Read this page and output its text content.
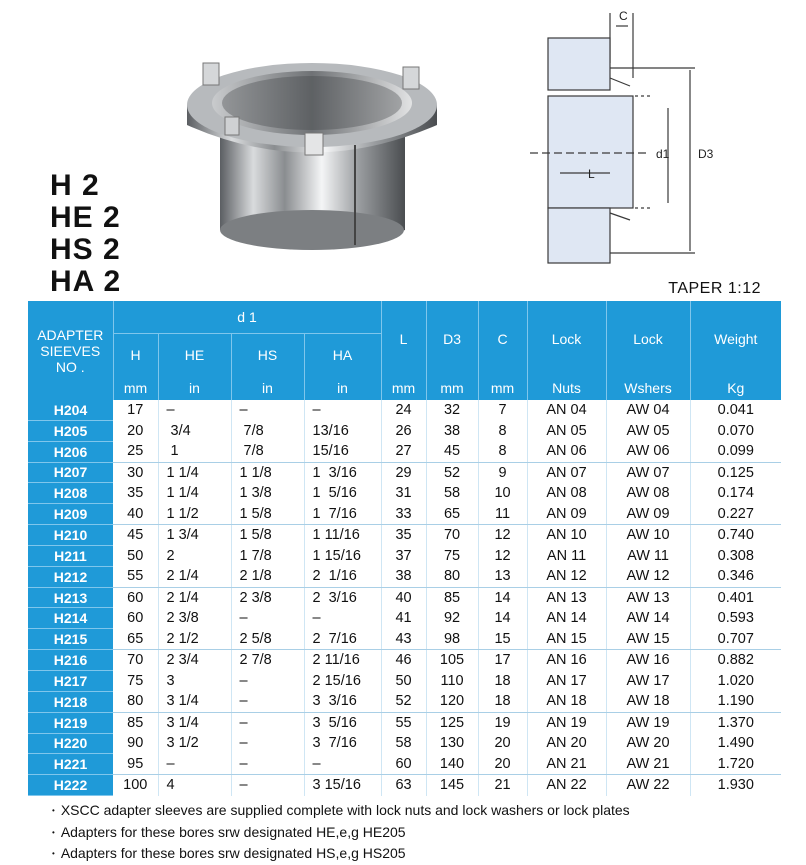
H 2
HE 2
HS 2
HA 2
C
L
d1 D3
TAPER 1:12
ADAPTER
SIEEVES
NO .	d 1				L	D3	C	Lock	Lock	Weight
	H	HE	HS	HA						
	mm	in	in	in	mm	mm	mm	Nuts	Wshers	Kg
H204	17	–	–	–	24	32	7	AN 04	AW 04	0.041
H205	20	3/4	7/8	13/16	26	38	8	AN 05	AW 05	0.070
H206	25	1	7/8	15/16	27	45	8	AN 06	AW 06	0.099
H207	30	1 1/4	1 1/8	1  3/16	29	52	9	AN 07	AW 07	0.125
H208	35	1 1/4	1 3/8	1  5/16	31	58	10	AN 08	AW 08	0.174
H209	40	1 1/2	1 5/8	1  7/16	33	65	11	AN 09	AW 09	0.227
H210	45	1 3/4	1 5/8	1 11/16	35	70	12	AN 10	AW 10	0.740
H211	50	2	1 7/8	1 15/16	37	75	12	AN 11	AW 11	0.308
H212	55	2 1/4	2 1/8	2  1/16	38	80	13	AN 12	AW 12	0.346
H213	60	2 1/4	2 3/8	2  3/16	40	85	14	AN 13	AW 13	0.401
H214	60	2 3/8	–	–	41	92	14	AN 14	AW 14	0.593
H215	65	2 1/2	2 5/8	2  7/16	43	98	15	AN 15	AW 15	0.707
H216	70	2 3/4	2 7/8	2 11/16	46	105	17	AN 16	AW 16	0.882
H217	75	3	–	2 15/16	50	110	18	AN 17	AW 17	1.020
H218	80	3 1/4	–	3  3/16	52	120	18	AN 18	AW 18	1.190
H219	85	3 1/4	–	3  5/16	55	125	19	AN 19	AW 19	1.370
H220	90	3 1/2	–	3  7/16	58	130	20	AN 20	AW 20	1.490
H221	95	–	–	–	60	140	20	AN 21	AW 21	1.720
H222	100	4	–	3 15/16	63	145	21	AN 22	AW 22	1.930
• XSCC adapter sleeves are supplied complete with lock nuts and lock washers or lock plates
• Adapters for these bores srw designated HE,e,g HE205
• Adapters for these bores srw designated HS,e,g HS205
